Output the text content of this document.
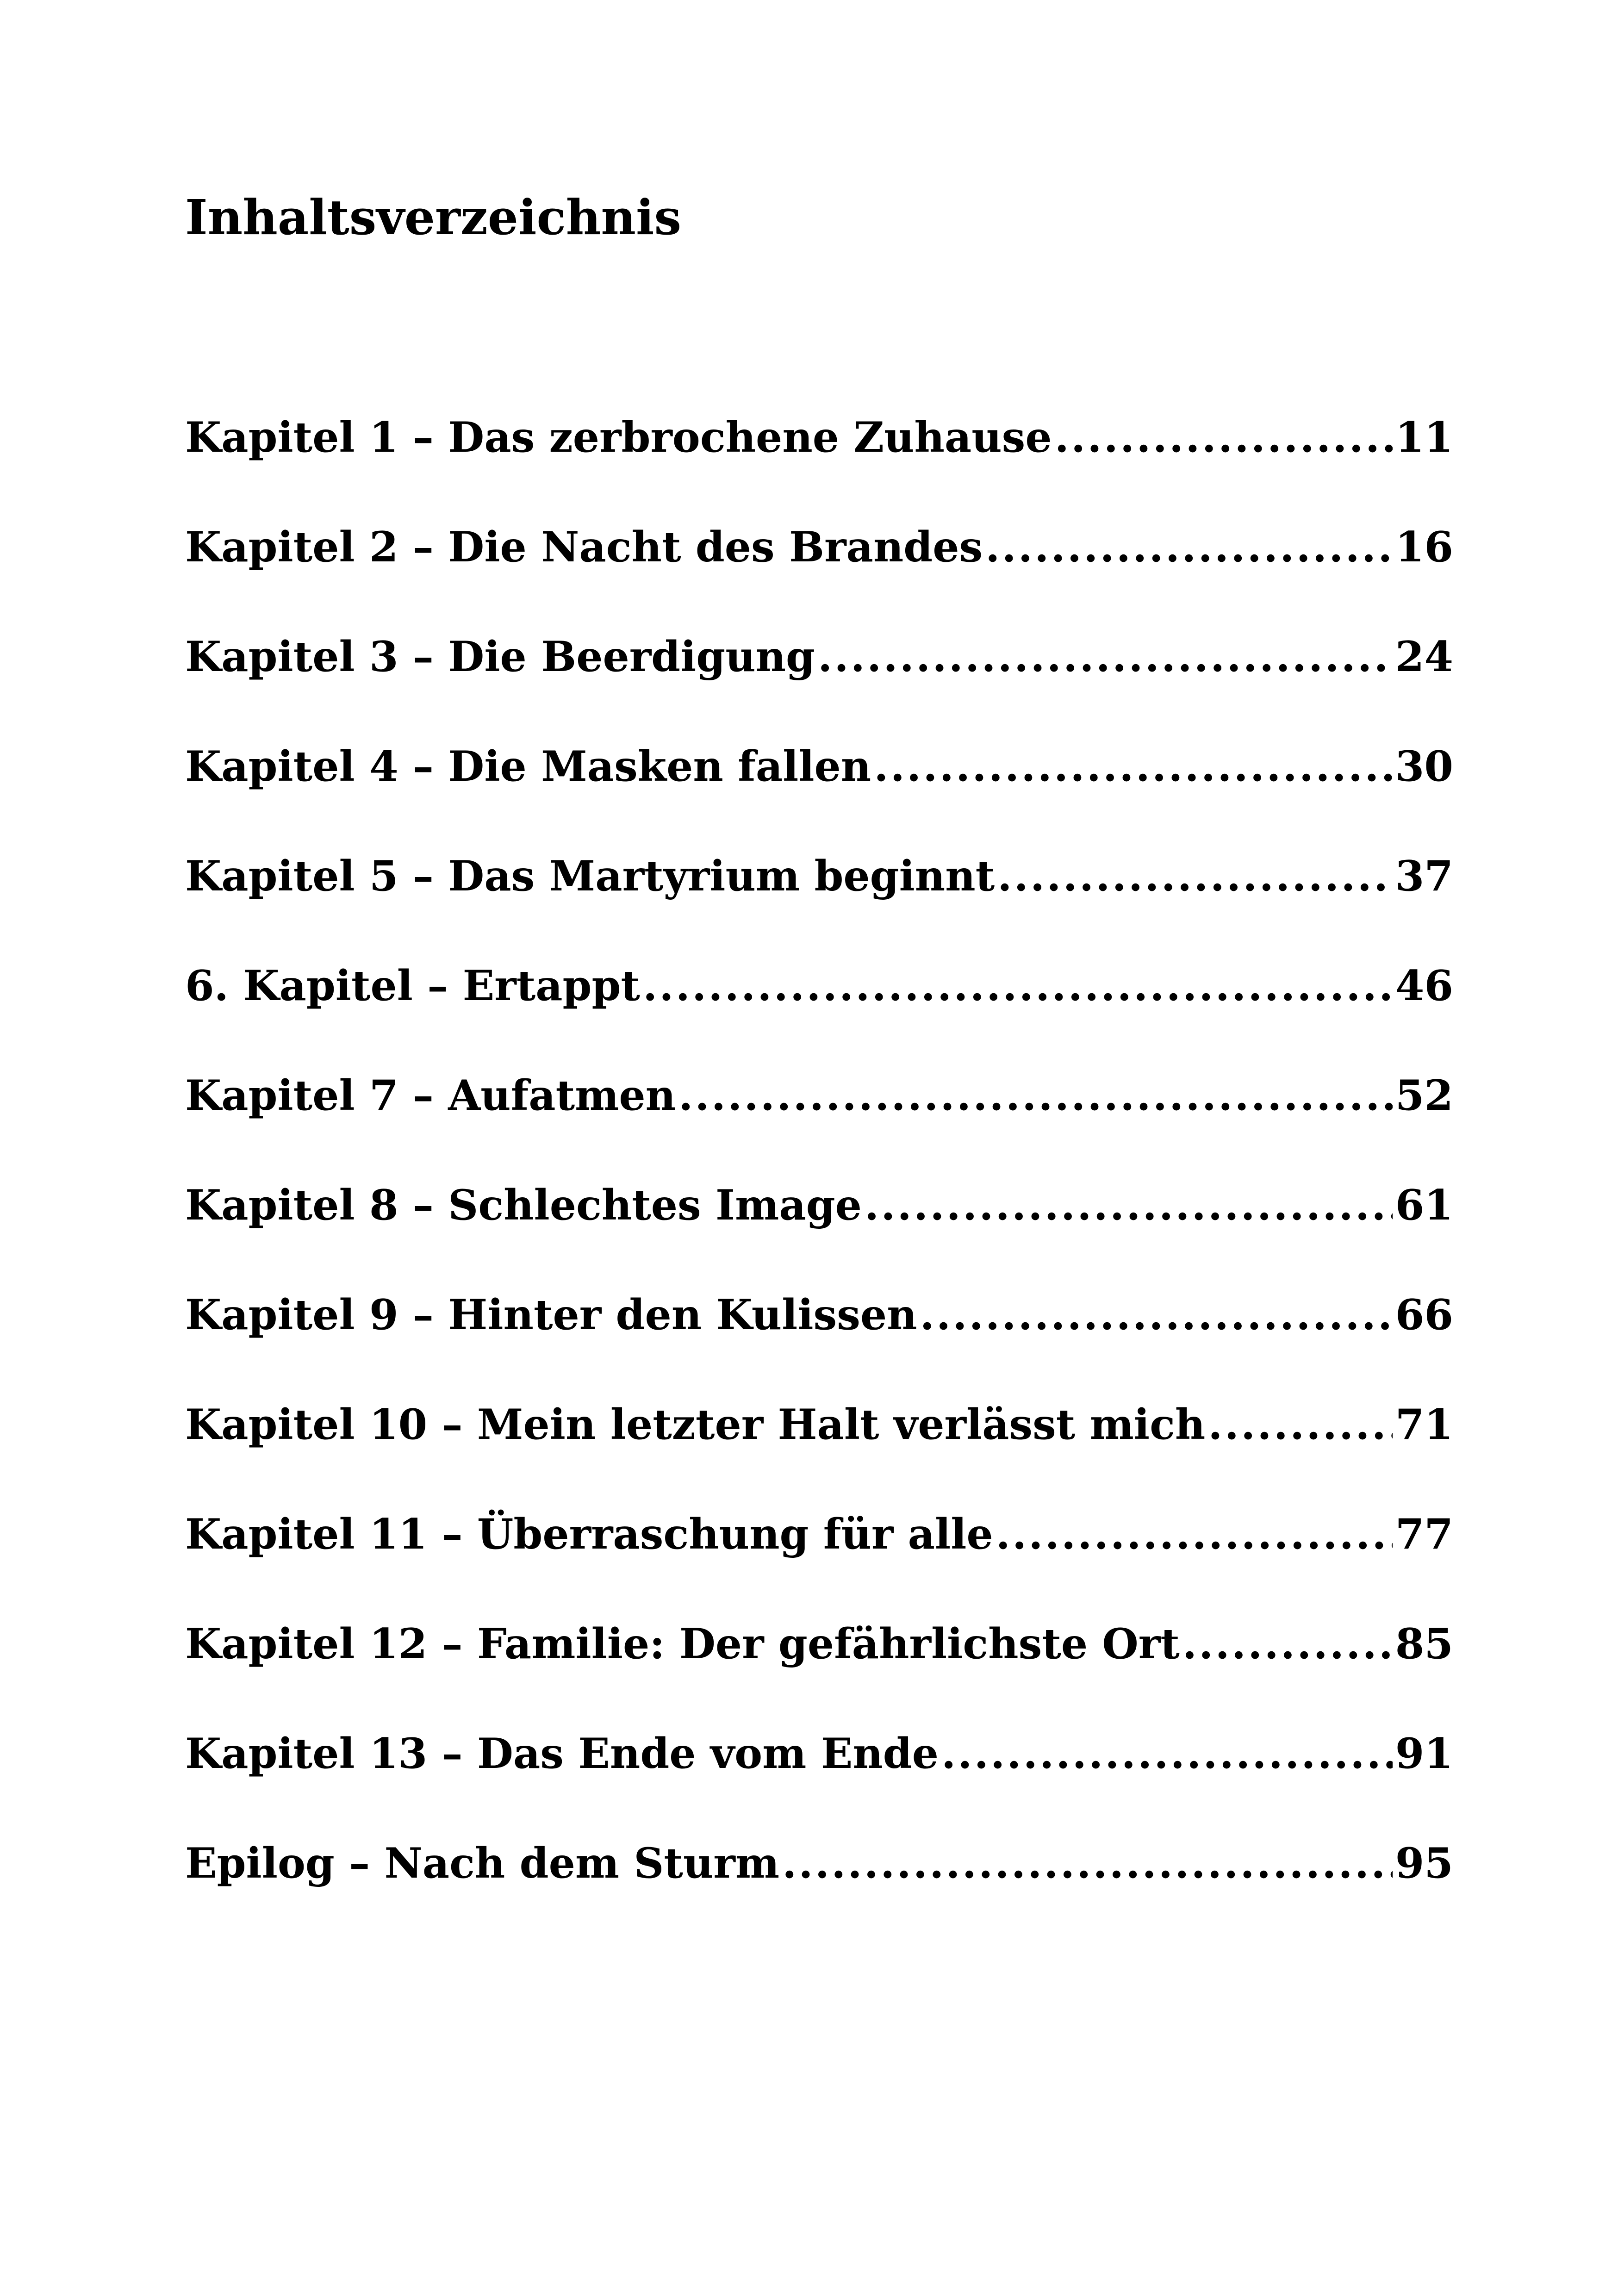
Inhaltsverzeichnis
Kapitel 1 – Das zerbrochene Zuhause .....	11
Kapitel 2 – Die Nacht des Brandes .....	16
Kapitel 3 – Die Beerdigung .....	24
Kapitel 4 – Die Masken fallen .....	30
Kapitel 5 – Das Martyrium beginnt .....	37
6. Kapitel – Ertappt .....	46
Kapitel 7 – Aufatmen .....	52
Kapitel 8 – Schlechtes Image .....	61
Kapitel 9 – Hinter den Kulissen .....	66
Kapitel 10 – Mein letzter Halt verlässt mich .....	71
Kapitel 11 – Überraschung für alle .....	77
Kapitel 12 – Familie: Der gefährlichste Ort .....	85
Kapitel 13 – Das Ende vom Ende .....	91
Epilog – Nach dem Sturm .....	95
